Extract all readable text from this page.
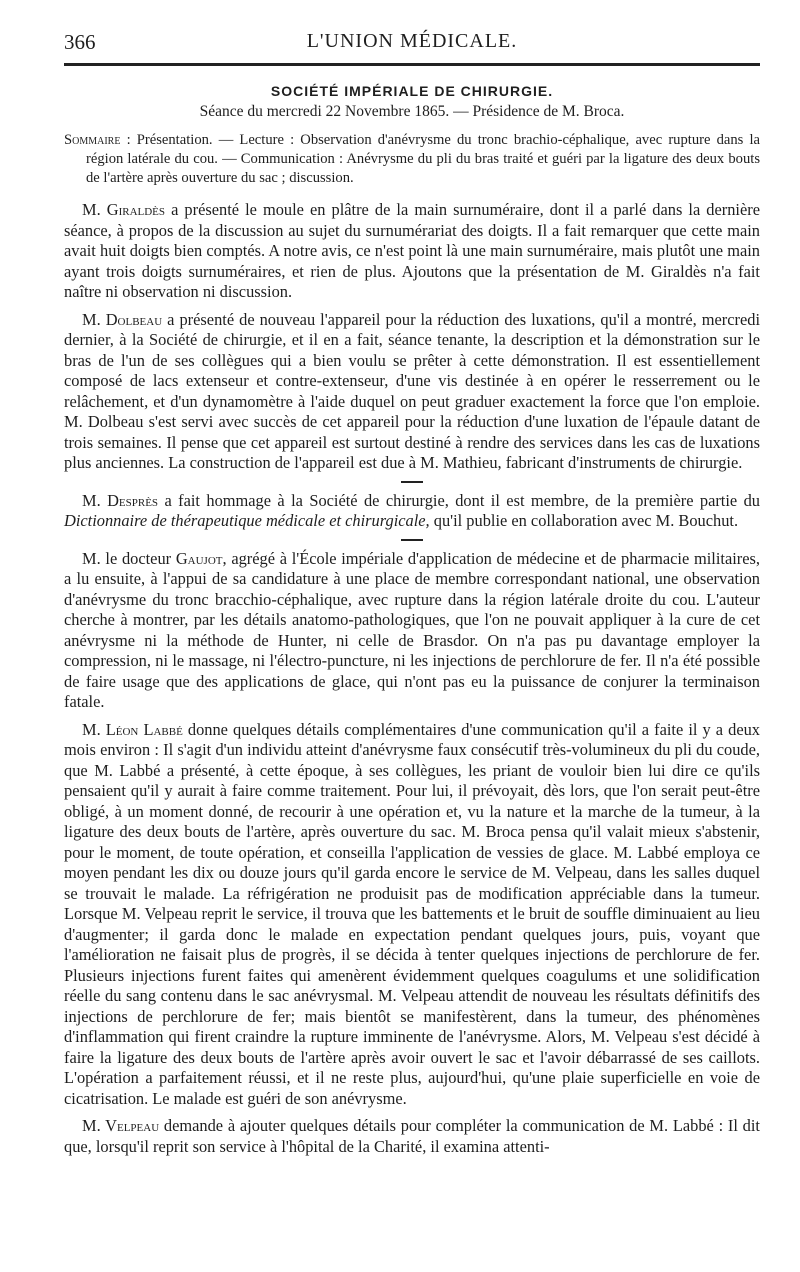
366	L'UNION MÉDICALE.
SOCIÉTÉ IMPÉRIALE DE CHIRURGIE.
Séance du mercredi 22 Novembre 1865. — Présidence de M. Broca.
Sommaire : Présentation. — Lecture : Observation d'anévrysme du tronc brachio-céphalique, avec rupture dans la région latérale du cou. — Communication : Anévrysme du pli du bras traité et guéri par la ligature des deux bouts de l'artère après ouverture du sac ; discussion.

M. Giraldès a présenté le moule en plâtre de la main surnuméraire, dont il a parlé dans la dernière séance, à propos de la discussion au sujet du surnumérariat des doigts. Il a fait remarquer que cette main avait huit doigts bien comptés. A notre avis, ce n'est point là une main surnuméraire, mais plutôt une main ayant trois doigts surnuméraires, et rien de plus. Ajoutons que la présentation de M. Giraldès n'a fait naître ni observation ni discussion.

M. Dolbeau a présenté de nouveau l'appareil pour la réduction des luxations, qu'il a montré, mercredi dernier, à la Société de chirurgie, et il en a fait, séance tenante, la description et la démonstration sur le bras de l'un de ses collègues qui a bien voulu se prêter à cette démonstration. Il est essentiellement composé de lacs extenseur et contre-extenseur, d'une vis destinée à en opérer le resserrement ou le relâchement, et d'un dynamomètre à l'aide duquel on peut graduer exactement la force que l'on emploie. M. Dolbeau s'est servi avec succès de cet appareil pour la réduction d'une luxation de l'épaule datant de trois semaines. Il pense que cet appareil est surtout destiné à rendre des services dans les cas de luxations plus anciennes. La construction de l'appareil est due à M. Mathieu, fabricant d'instruments de chirurgie.

M. Desprès a fait hommage à la Société de chirurgie, dont il est membre, de la première partie du Dictionnaire de thérapeutique médicale et chirurgicale, qu'il publie en collaboration avec M. Bouchut.

M. le docteur Gaujot, agrégé à l'École impériale d'application de médecine et de pharmacie militaires, a lu ensuite, à l'appui de sa candidature à une place de membre correspondant national, une observation d'anévrysme du tronc bracchio-céphalique, avec rupture dans la région latérale droite du cou. L'auteur cherche à montrer, par les détails anatomo-pathologiques, que l'on ne pouvait appliquer à la cure de cet anévrysme ni la méthode de Hunter, ni celle de Brasdor. On n'a pas pu davantage employer la compression, ni le massage, ni l'électro-puncture, ni les injections de perchlorure de fer. Il n'a été possible de faire usage que des applications de glace, qui n'ont pas eu la puissance de conjurer la terminaison fatale.

M. Léon Labbé donne quelques détails complémentaires d'une communication qu'il a faite il y a deux mois environ : Il s'agit d'un individu atteint d'anévrysme faux consécutif très-volumineux du pli du coude, que M. Labbé a présenté, à cette époque, à ses collègues, les priant de vouloir bien lui dire ce qu'ils pensaient qu'il y aurait à faire comme traitement. Pour lui, il prévoyait, dès lors, que l'on serait peut-être obligé, à un moment donné, de recourir à une opération et, vu la nature et la marche de la tumeur, à la ligature des deux bouts de l'artère, après ouverture du sac. M. Broca pensa qu'il valait mieux s'abstenir, pour le moment, de toute opération, et conseilla l'application de vessies de glace. M. Labbé employa ce moyen pendant les dix ou douze jours qu'il garda encore le service de M. Velpeau, dans les salles duquel se trouvait le malade. La réfrigération ne produisit pas de modification appréciable dans la tumeur. Lorsque M. Velpeau reprit le service, il trouva que les battements et le bruit de souffle diminuaient au lieu d'augmenter; il garda donc le malade en expectation pendant quelques jours, puis, voyant que l'amélioration ne faisait plus de progrès, il se décida à tenter quelques injections de perchlorure de fer. Plusieurs injections furent faites qui amenèrent évidemment quelques coagulums et une solidification réelle du sang contenu dans le sac anévrysmal. M. Velpeau attendit de nouveau les résultats définitifs des injections de perchlorure de fer; mais bientôt se manifestèrent, dans la tumeur, des phénomènes d'inflammation qui firent craindre la rupture imminente de l'anévrysme. Alors, M. Velpeau s'est décidé à faire la ligature des deux bouts de l'artère après avoir ouvert le sac et l'avoir débarrassé de ses caillots. L'opération a parfaitement réussi, et il ne reste plus, aujourd'hui, qu'une plaie superficielle en voie de cicatrisation. Le malade est guéri de son anévrysme.

M. Velpeau demande à ajouter quelques détails pour compléter la communication de M. Labbé : Il dit que, lorsqu'il reprit son service à l'hôpital de la Charité, il examina attenti-
